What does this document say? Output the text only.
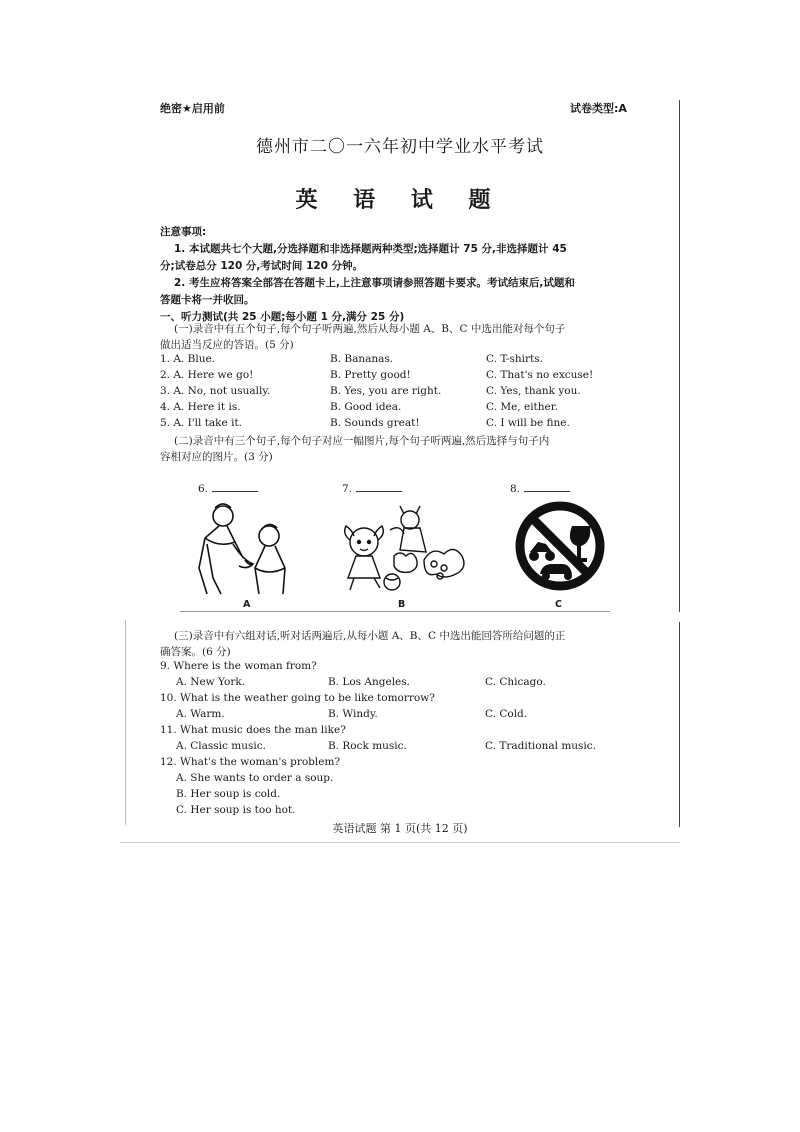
绝密★启用前	试卷类型:A
德州市二〇一六年初中学业水平考试
英 语 试 题
注意事项:
1. 本试题共七个大题,分选择题和非选择题两种类型;选择题计 75 分,非选择题计 45
分;试卷总分 120 分,考试时间 120 分钟。
2. 考生应将答案全部答在答题卡上,上注意事项请参照答题卡要求。考试结束后,试题和
答题卡将一并收回。
一、听力测试(共 25 小题;每小题 1 分,满分 25 分)
(一)录音中有五个句子,每个句子听两遍,然后从每小题 A、B、C 中选出能对每个句子
做出适当反应的答语。(5 分)
1. A. Blue.	B. Bananas.	C. T-shirts.
2. A. Here we go!	B. Pretty good!	C. That's no excuse!
3. A. No, not usually.	B. Yes, you are right.	C. Yes, thank you.
4. A. Here it is.	B. Good idea.	C. Me, either.
5. A. I'll take it.	B. Sounds great!	C. I will be fine.
(二)录音中有三个句子,每个句子对应一幅图片,每个句子听两遍,然后选择与句子内
容相对应的图片。(3 分)
6.	7.	8.
A	B	C
(三)录音中有六组对话,听对话两遍后,从每小题 A、B、C 中选出能回答所给问题的正
确答案。(6 分)
9. Where is the woman from?
A. New York.	B. Los Angeles.	C. Chicago.
10. What is the weather going to be like tomorrow?
A. Warm.	B. Windy.	C. Cold.
11. What music does the man like?
A. Classic music.	B. Rock music.	C. Traditional music.
12. What's the woman's problem?
A. She wants to order a soup.
B. Her soup is cold.
C. Her soup is too hot.
英语试题 第 1 页(共 12 页)
